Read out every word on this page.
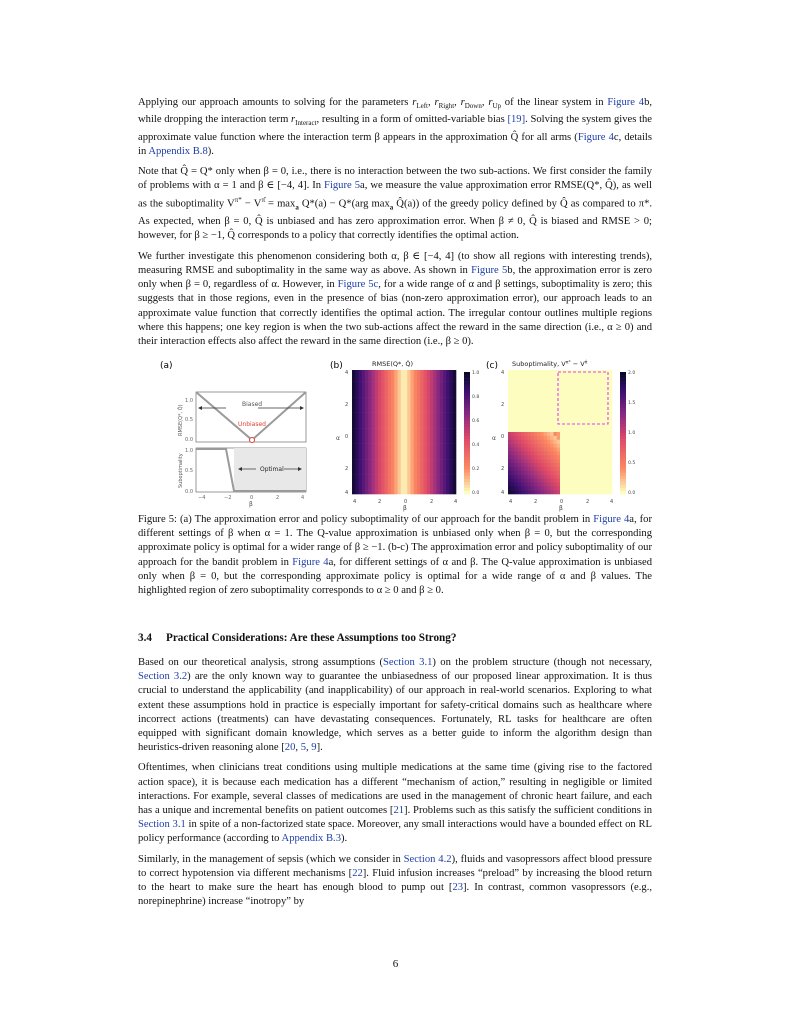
Applying our approach amounts to solving for the parameters $r_{Left}$, $r_{Right}$, $r_{Down}$, $r_{Up}$ of the linear system in Figure 4b, while dropping the interaction term $r_{Interact}$, resulting in a form of omitted-variable bias [19]. Solving the system gives the approximate value function where the interaction term β appears in the approximation Q̂ for all arms (Figure 4c, details in Appendix B.8).

Note that Q̂ = Q* only when β = 0, i.e., there is no interaction between the two sub-actions. We first consider the family of problems with α = 1 and β ∈ [−4, 4]. In Figure 5a, we measure the value approximation error RMSE(Q*, Q̂), as well as the suboptimality $V^{\pi*} - V^{\pî} = \max_a Q*(a) - Q*(arg$ $\max_a$ Q̂(a)) of the greedy policy defined by Q̂ as compared to π*. As expected, when β = 0, Q̂ is unbiased and has zero approximation error. When β ≠ 0, Q̂ is biased and RMSE > 0; however, for β ≥ −1, Q̂ corresponds to a policy that correctly identifies the optimal action.

We further investigate this phenomenon considering both α, β ∈ [−4, 4] (to show all regions with interesting trends), measuring RMSE and suboptimality in the same way as above. As shown in Figure 5b, the approximation error is zero only when β = 0, regardless of α. However, in Figure 5c, for a wide range of α and β settings, suboptimality is zero; this suggests that in those regions, even in the presence of bias (non-zero approximation error), our approach leads to an approximate value function that correctly identifies the optimal action. The irregular contour outlines multiple regions where this happens; one key region is when the two sub-actions affect the reward in the same direction (i.e., α ≥ 0) and their interaction effects also affect the reward in the same direction (i.e., β ≥ 0).

(a)
Biased
Unbiased
1.0
0.5
0.0
RMSE(Q*, Q̂)
Optimal
1.0
0.5
0.0
Suboptimality
−4	−2	0	2	4
β
(b)	RMSE(Q*, Q̂)
4
2
0
2
4
α
4	2	0	2	4
β
1.0
0.8
0.6
0.4
0.2
0.0
(c) Suboptimality, $V^{\pi*} - V^{\pî}$
4
2
0
2
4
α
4	2	0	2	4
β
2.0
1.5
1.0
0.5
0.0
Figure 5: (a) The approximation error and policy suboptimality of our approach for the bandit problem in Figure 4a, for different settings of β when α = 1. The Q-value approximation is unbiased only when β = 0, but the corresponding approximate policy is optimal for a wider range of β ≥ −1. (b-c) The approximation error and policy suboptimality of our approach for the bandit problem in Figure 4a, for different settings of α and β. The Q-value approximation is unbiased only when β = 0, but the corresponding approximate policy is optimal for a wide range of α and β values. The highlighted region of zero suboptimality corresponds to α ≥ 0 and β ≥ 0.
3.4 Practical Considerations: Are these Assumptions too Strong?

Based on our theoretical analysis, strong assumptions (Section 3.1) on the problem structure (though not necessary, Section 3.2) are the only known way to guarantee the unbiasedness of our proposed linear approximation. It is thus crucial to understand the applicability (and inapplicability) of our approach in real-world scenarios. Exploring to what extent these assumptions hold in practice is especially important for safety-critical domains such as healthcare where incorrect actions (treatments) can have devastating consequences. Fortunately, RL tasks for healthcare are often equipped with significant domain knowledge, which serves as a better guide to inform the algorithm design than heuristics-driven reasoning alone [20, 5, 9].

Oftentimes, when clinicians treat conditions using multiple medications at the same time (giving rise to the factored action space), it is because each medication has a different “mechanism of action,” resulting in negligible or limited interactions. For example, several classes of medications are used in the management of chronic heart failure, and each has a unique and incremental benefits on patient outcomes [21]. Problems such as this satisfy the sufficient conditions in Section 3.1 in spite of a non-factorized state space. Moreover, any small interactions would have a bounded effect on RL policy performance (according to Appendix B.3).

Similarly, in the management of sepsis (which we consider in Section 4.2), fluids and vasopressors affect blood pressure to correct hypotension via different mechanisms [22]. Fluid infusion increases “preload” by increasing the blood return to the heart to make sure the heart has enough blood to pump out [23]. In contrast, common vasopressors (e.g., norepinephrine) increase “inotropy” by

6
